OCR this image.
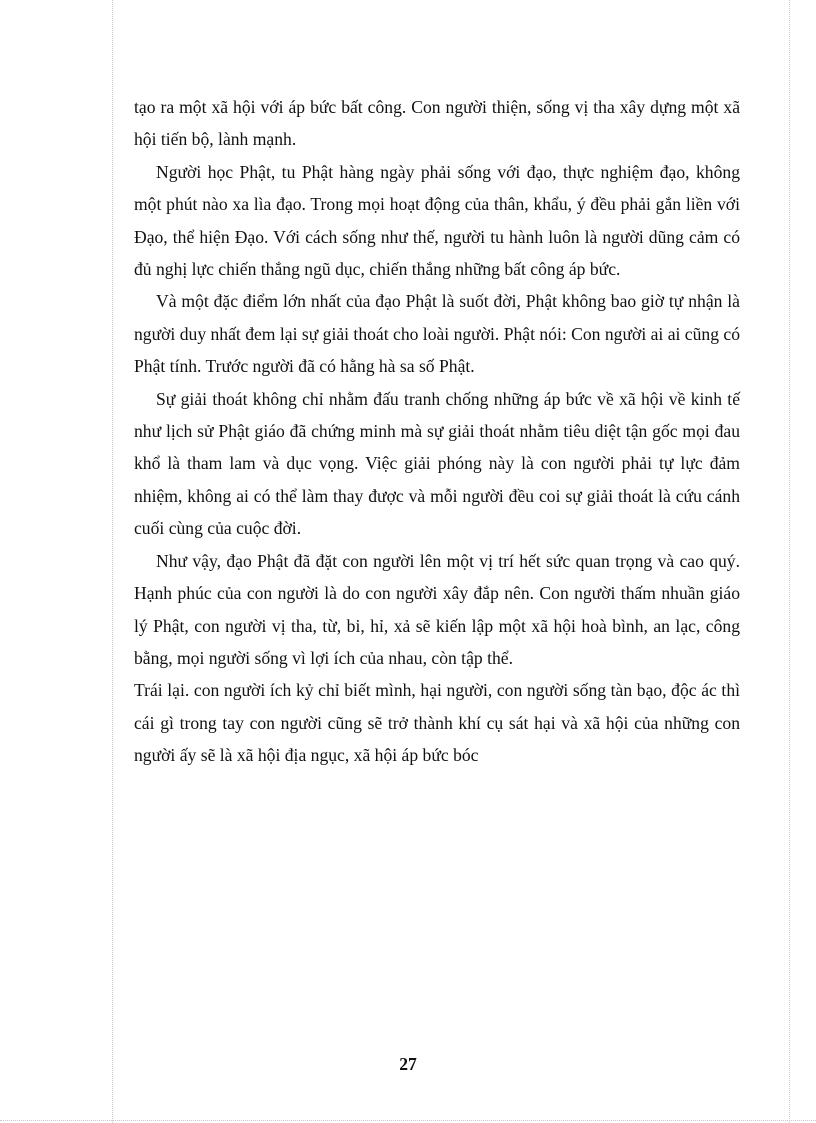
tạo ra một xã hội với áp bức bất công. Con người thiện, sống vị tha xây dựng một xã hội tiến bộ, lành mạnh.

Người học Phật, tu Phật hàng ngày phải sống với đạo, thực nghiệm đạo, không một phút nào xa lìa đạo. Trong mọi hoạt động của thân, khẩu, ý đều phải gắn liền với Đạo, thể hiện Đạo. Với cách sống như thế, người tu hành luôn là người dũng cảm có đủ nghị lực chiến thắng ngũ dục, chiến thắng những bất công áp bức.

Và một đặc điểm lớn nhất của đạo Phật là suốt đời, Phật không bao giờ tự nhận là người duy nhất đem lại sự giải thoát cho loài người. Phật nói: Con người ai ai cũng có Phật tính. Trước người đã có hằng hà sa số Phật.

Sự giải thoát không chỉ nhằm đấu tranh chống những áp bức về xã hội về kinh tế như lịch sử Phật giáo đã chứng minh mà sự giải thoát nhằm tiêu diệt tận gốc mọi đau khổ là tham lam và dục vọng. Việc giải phóng này là con người phải tự lực đảm nhiệm, không ai có thể làm thay được và mỗi người đều coi sự giải thoát là cứu cánh cuối cùng của cuộc đời.

Như vậy, đạo Phật đã đặt con người lên một vị trí hết sức quan trọng và cao quý. Hạnh phúc của con người là do con người xây đắp nên. Con người thấm nhuần giáo lý Phật, con người vị tha, từ, bi, hỉ, xả sẽ kiến lập một xã hội hoà bình, an lạc, công bằng, mọi người sống vì lợi ích của nhau, còn tập thể.

Trái lại. con người ích kỷ chỉ biết mình, hại người, con người sống tàn bạo, độc ác thì cái gì trong tay con người cũng sẽ trở thành khí cụ sát hại và xã hội của những con người ấy sẽ là xã hội địa ngục, xã hội áp bức bóc

27
